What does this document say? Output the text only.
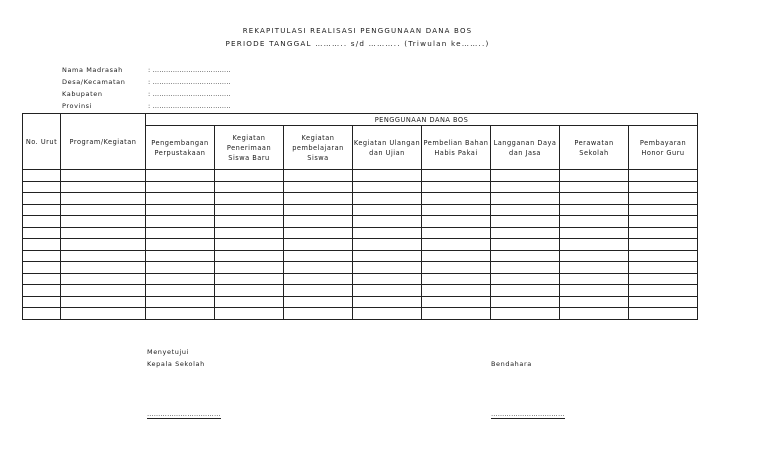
REKAPITULASI REALISASI PENGGUNAAN DANA BOS
PERIODE TANGGAL ……….. s/d ……….. (Triwulan ke……..)
Nama Madrasah	: ……………………………..
Desa/Kecamatan	: ……………………………..
Kabupaten	: ……………………………..
Provinsi	: ……………………………..
No. Urut	Program/Kegiatan	PENGGUNAAN DANA BOS							
		Pengembangan Perpustakaan	Kegiatan Penerimaan Siswa Baru	Kegiatan pembelajaran Siswa	Kegiatan Ulangan dan Ujian	Pembelian Bahan Habis Pakai	Langganan Daya dan Jasa	Perawatan Sekolah	Pembayaran Honor Guru

Menyetujui
Kepala Sekolah	Bendahara
……………………………	……………………………
